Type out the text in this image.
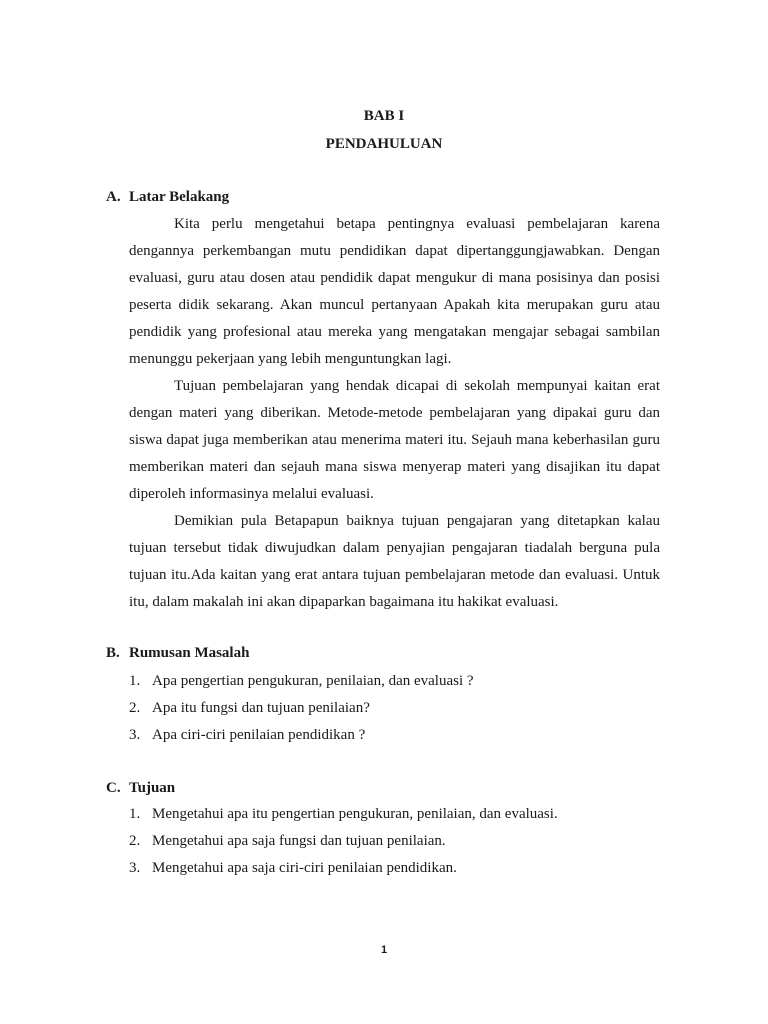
BAB I
PENDAHULUAN
A. Latar Belakang

Kita perlu mengetahui betapa pentingnya evaluasi pembelajaran karena dengannya perkembangan mutu pendidikan dapat dipertanggungjawabkan. Dengan evaluasi, guru atau dosen atau pendidik dapat mengukur di mana posisinya dan posisi peserta didik sekarang. Akan muncul pertanyaan Apakah kita merupakan guru atau pendidik yang profesional atau mereka yang mengatakan mengajar sebagai sambilan menunggu pekerjaan yang lebih menguntungkan lagi.

Tujuan pembelajaran yang hendak dicapai di sekolah mempunyai kaitan erat dengan materi yang diberikan. Metode-metode pembelajaran yang dipakai guru dan siswa dapat juga memberikan atau menerima materi itu. Sejauh mana keberhasilan guru memberikan materi dan sejauh mana siswa menyerap materi yang disajikan itu dapat diperoleh informasinya melalui evaluasi.

Demikian pula Betapapun baiknya tujuan pengajaran yang ditetapkan kalau tujuan tersebut tidak diwujudkan dalam penyajian pengajaran tiadalah berguna pula tujuan itu.Ada kaitan yang erat antara tujuan pembelajaran metode dan evaluasi. Untuk itu, dalam makalah ini akan dipaparkan bagaimana itu hakikat evaluasi.

B. Rumusan Masalah
1. Apa pengertian pengukuran, penilaian, dan evaluasi ?
2. Apa itu fungsi dan tujuan penilaian?
3. Apa ciri-ciri penilaian pendidikan ?
C. Tujuan
1. Mengetahui apa itu pengertian pengukuran, penilaian, dan evaluasi.
2. Mengetahui apa saja fungsi dan tujuan penilaian.
3. Mengetahui apa saja ciri-ciri penilaian pendidikan.
1
